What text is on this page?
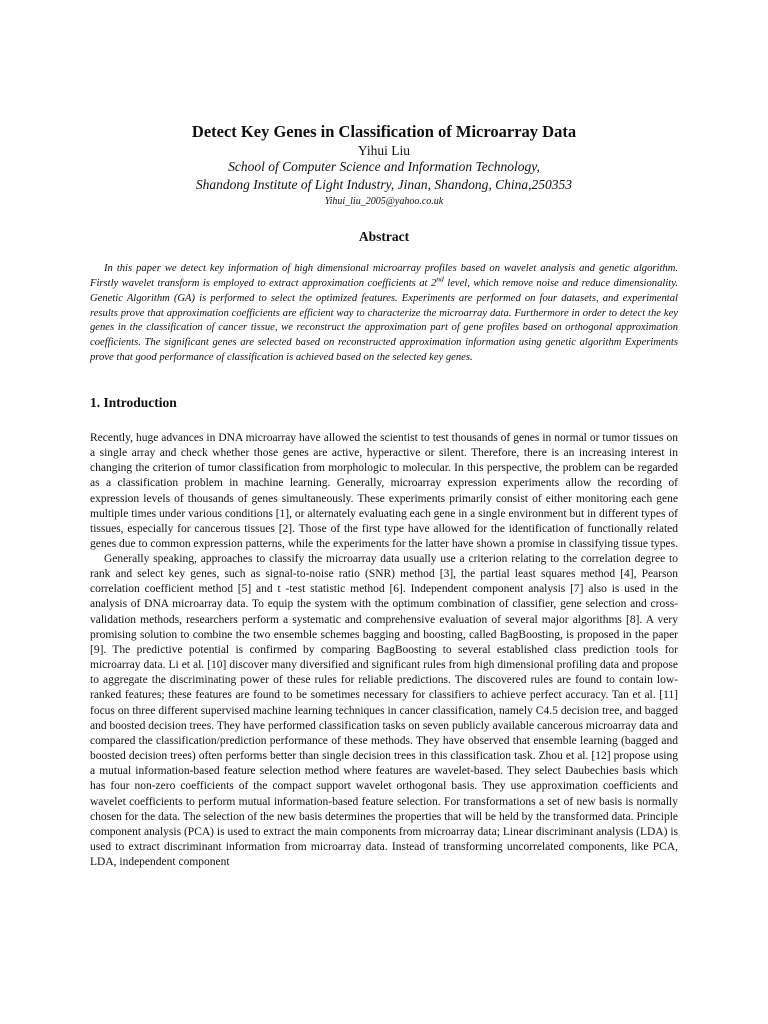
Detect Key Genes in Classification of Microarray Data
Yihui Liu
School of Computer Science and Information Technology,
Shandong Institute of Light Industry, Jinan, Shandong, China,250353
Yihui_liu_2005@yahoo.co.uk
Abstract

In this paper we detect key information of high dimensional microarray profiles based on wavelet analysis and genetic algorithm. Firstly wavelet transform is employed to extract approximation coefficients at 2nd level, which remove noise and reduce dimensionality. Genetic Algorithm (GA) is performed to select the optimized features. Experiments are performed on four datasets, and experimental results prove that approximation coefficients are efficient way to characterize the microarray data. Furthermore in order to detect the key genes in the classification of cancer tissue, we reconstruct the approximation part of gene profiles based on orthogonal approximation coefficients. The significant genes are selected based on reconstructed approximation information using genetic algorithm Experiments prove that good performance of classification is achieved based on the selected key genes.

1. Introduction

Recently, huge advances in DNA microarray have allowed the scientist to test thousands of genes in normal or tumor tissues on a single array and check whether those genes are active, hyperactive or silent. Therefore, there is an increasing interest in changing the criterion of tumor classification from morphologic to molecular. In this perspective, the problem can be regarded as a classification problem in machine learning. Generally, microarray expression experiments allow the recording of expression levels of thousands of genes simultaneously. These experiments primarily consist of either monitoring each gene multiple times under various conditions [1], or alternately evaluating each gene in a single environment but in different types of tissues, especially for cancerous tissues [2]. Those of the first type have allowed for the identification of functionally related genes due to common expression patterns, while the experiments for the latter have shown a promise in classifying tissue types.

Generally speaking, approaches to classify the microarray data usually use a criterion relating to the correlation degree to rank and select key genes, such as signal-to-noise ratio (SNR) method [3], the partial least squares method [4], Pearson correlation coefficient method [5] and t -test statistic method [6]. Independent component analysis [7] also is used in the analysis of DNA microarray data. To equip the system with the optimum combination of classifier, gene selection and cross-validation methods, researchers perform a systematic and comprehensive evaluation of several major algorithms [8]. A very promising solution to combine the two ensemble schemes bagging and boosting, called BagBoosting, is proposed in the paper [9]. The predictive potential is confirmed by comparing BagBoosting to several established class prediction tools for microarray data. Li et al. [10] discover many diversified and significant rules from high dimensional profiling data and propose to aggregate the discriminating power of these rules for reliable predictions. The discovered rules are found to contain low-ranked features; these features are found to be sometimes necessary for classifiers to achieve perfect accuracy. Tan et al. [11] focus on three different supervised machine learning techniques in cancer classification, namely C4.5 decision tree, and bagged and boosted decision trees. They have performed classification tasks on seven publicly available cancerous microarray data and compared the classification/prediction performance of these methods. They have observed that ensemble learning (bagged and boosted decision trees) often performs better than single decision trees in this classification task. Zhou et al. [12] propose using a mutual information-based feature selection method where features are wavelet-based. They select Daubechies basis which has four non-zero coefficients of the compact support wavelet orthogonal basis. They use approximation coefficients and wavelet coefficients to perform mutual information-based feature selection. For transformations a set of new basis is normally chosen for the data. The selection of the new basis determines the properties that will be held by the transformed data. Principle component analysis (PCA) is used to extract the main components from microarray data; Linear discriminant analysis (LDA) is used to extract discriminant information from microarray data. Instead of transforming uncorrelated components, like PCA, LDA, independent component
